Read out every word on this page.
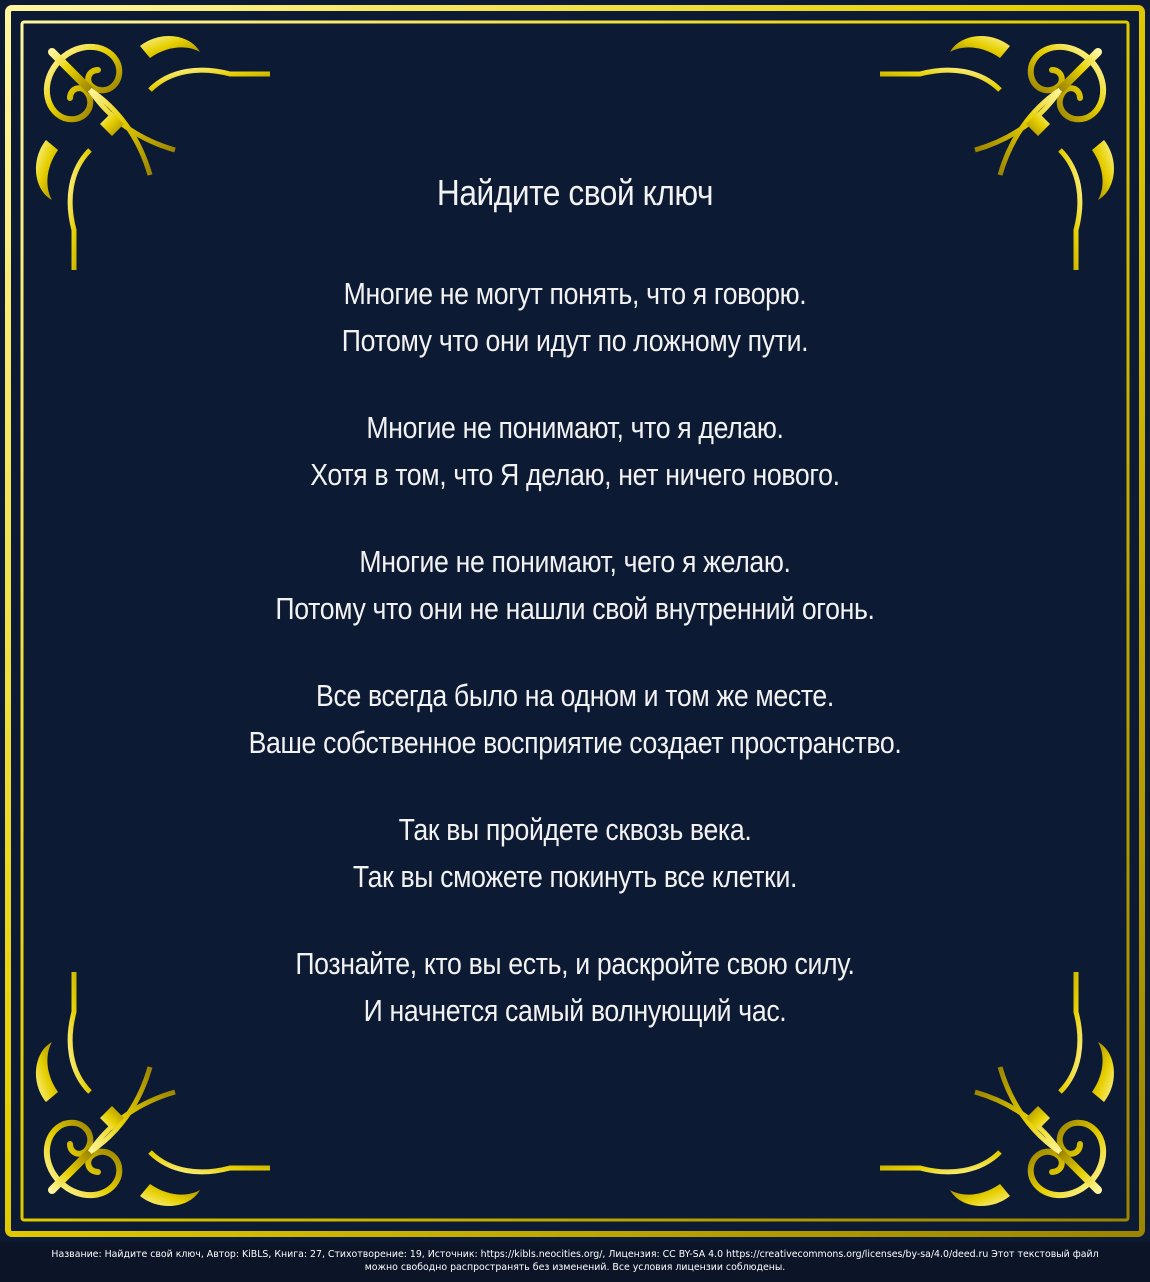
Найдите свой ключ
Многие не могут понять, что я говорю.
Потому что они идут по ложному пути.
Многие не понимают, что я делаю.
Хотя в том, что Я делаю, нет ничего нового.
Многие не понимают, чего я желаю.
Потому что они не нашли свой внутренний огонь.
Все всегда было на одном и том же месте.
Ваше собственное восприятие создает пространство.
Так вы пройдете сквозь века.
Так вы сможете покинуть все клетки.
Познайте, кто вы есть, и раскройте свою силу.
И начнется самый волнующий час.
Название: Найдите свой ключ, Автор: KiBLS, Книга: 27, Стихотворение: 19, Источник: https://kibls.neocities.org/, Лицензия: CC BY-SA 4.0 https://creativecommons.org/licenses/by-sa/4.0/deed.ru Этот текстовый файл
можно свободно распространять без изменений. Все условия лицензии соблюдены.
